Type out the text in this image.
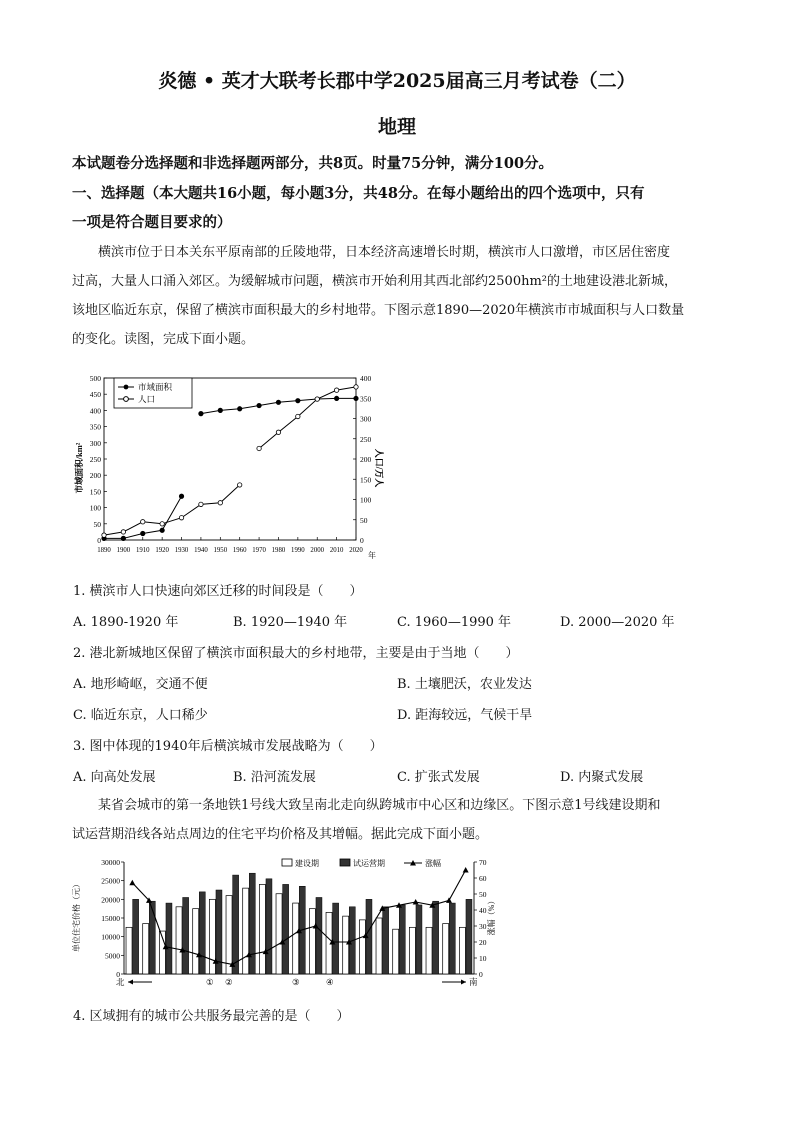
炎德 • 英才大联考长郡中学2025届高三月考试卷（二）
地理
本试题卷分选择题和非选择题两部分，共8页。时量75分钟，满分100分。
一、选择题（本大题共16小题，每小题3分，共48分。在每小题给出的四个选项中，只有
一项是符合题目要求的）
横滨市位于日本关东平原南部的丘陵地带，日本经济高速增长时期，横滨市人口激增，市区居住密度
过高，大量人口涌入郊区。为缓解城市问题，横滨市开始利用其西北部约2500hm²的土地建设港北新城，
该地区临近东京，保留了横滨市面积最大的乡村地带。下图示意1890—2020年横滨市市城面积与人口数量
的变化。读图，完成下面小题。
0
50
100
150
200
250
300
350
400
450
500
0
50
100
150
200
250
300
350
400
1890 1900 1910 1920 1930 1940 1950 1960 1970 1980 1990 2000 2010 2020
市域面积
人口
市域面积/km²	人口/万人
年
1. 横滨市人口快速向郊区迁移的时间段是（　　）
A. 1890-1920 年	B. 1920—1940 年	C. 1960—1990 年	D. 2000—2020 年
2. 港北新城地区保留了横滨市面积最大的乡村地带，主要是由于当地（　　）
A. 地形崎岖，交通不便	B. 土壤肥沃，农业发达
C. 临近东京，人口稀少	D. 距海较远，气候干旱
3. 图中体现的1940年后横滨城市发展战略为（　　）
A. 向高处发展	B. 沿河流发展	C. 扩张式发展	D. 内聚式发展
某省会城市的第一条地铁1号线大致呈南北走向纵跨城市中心区和边缘区。下图示意1号线建设期和
试运营期沿线各站点周边的住宅平均价格及其增幅。据此完成下面小题。
0
5000
10000
15000
20000
25000
30000
0
10
20
30
40
50
60
70
建设期	试运营期	涨幅
单位住宅价格（元）	涨幅（%）
北	南
① ②	③	④
4. 区域拥有的城市公共服务最完善的是（　　）
